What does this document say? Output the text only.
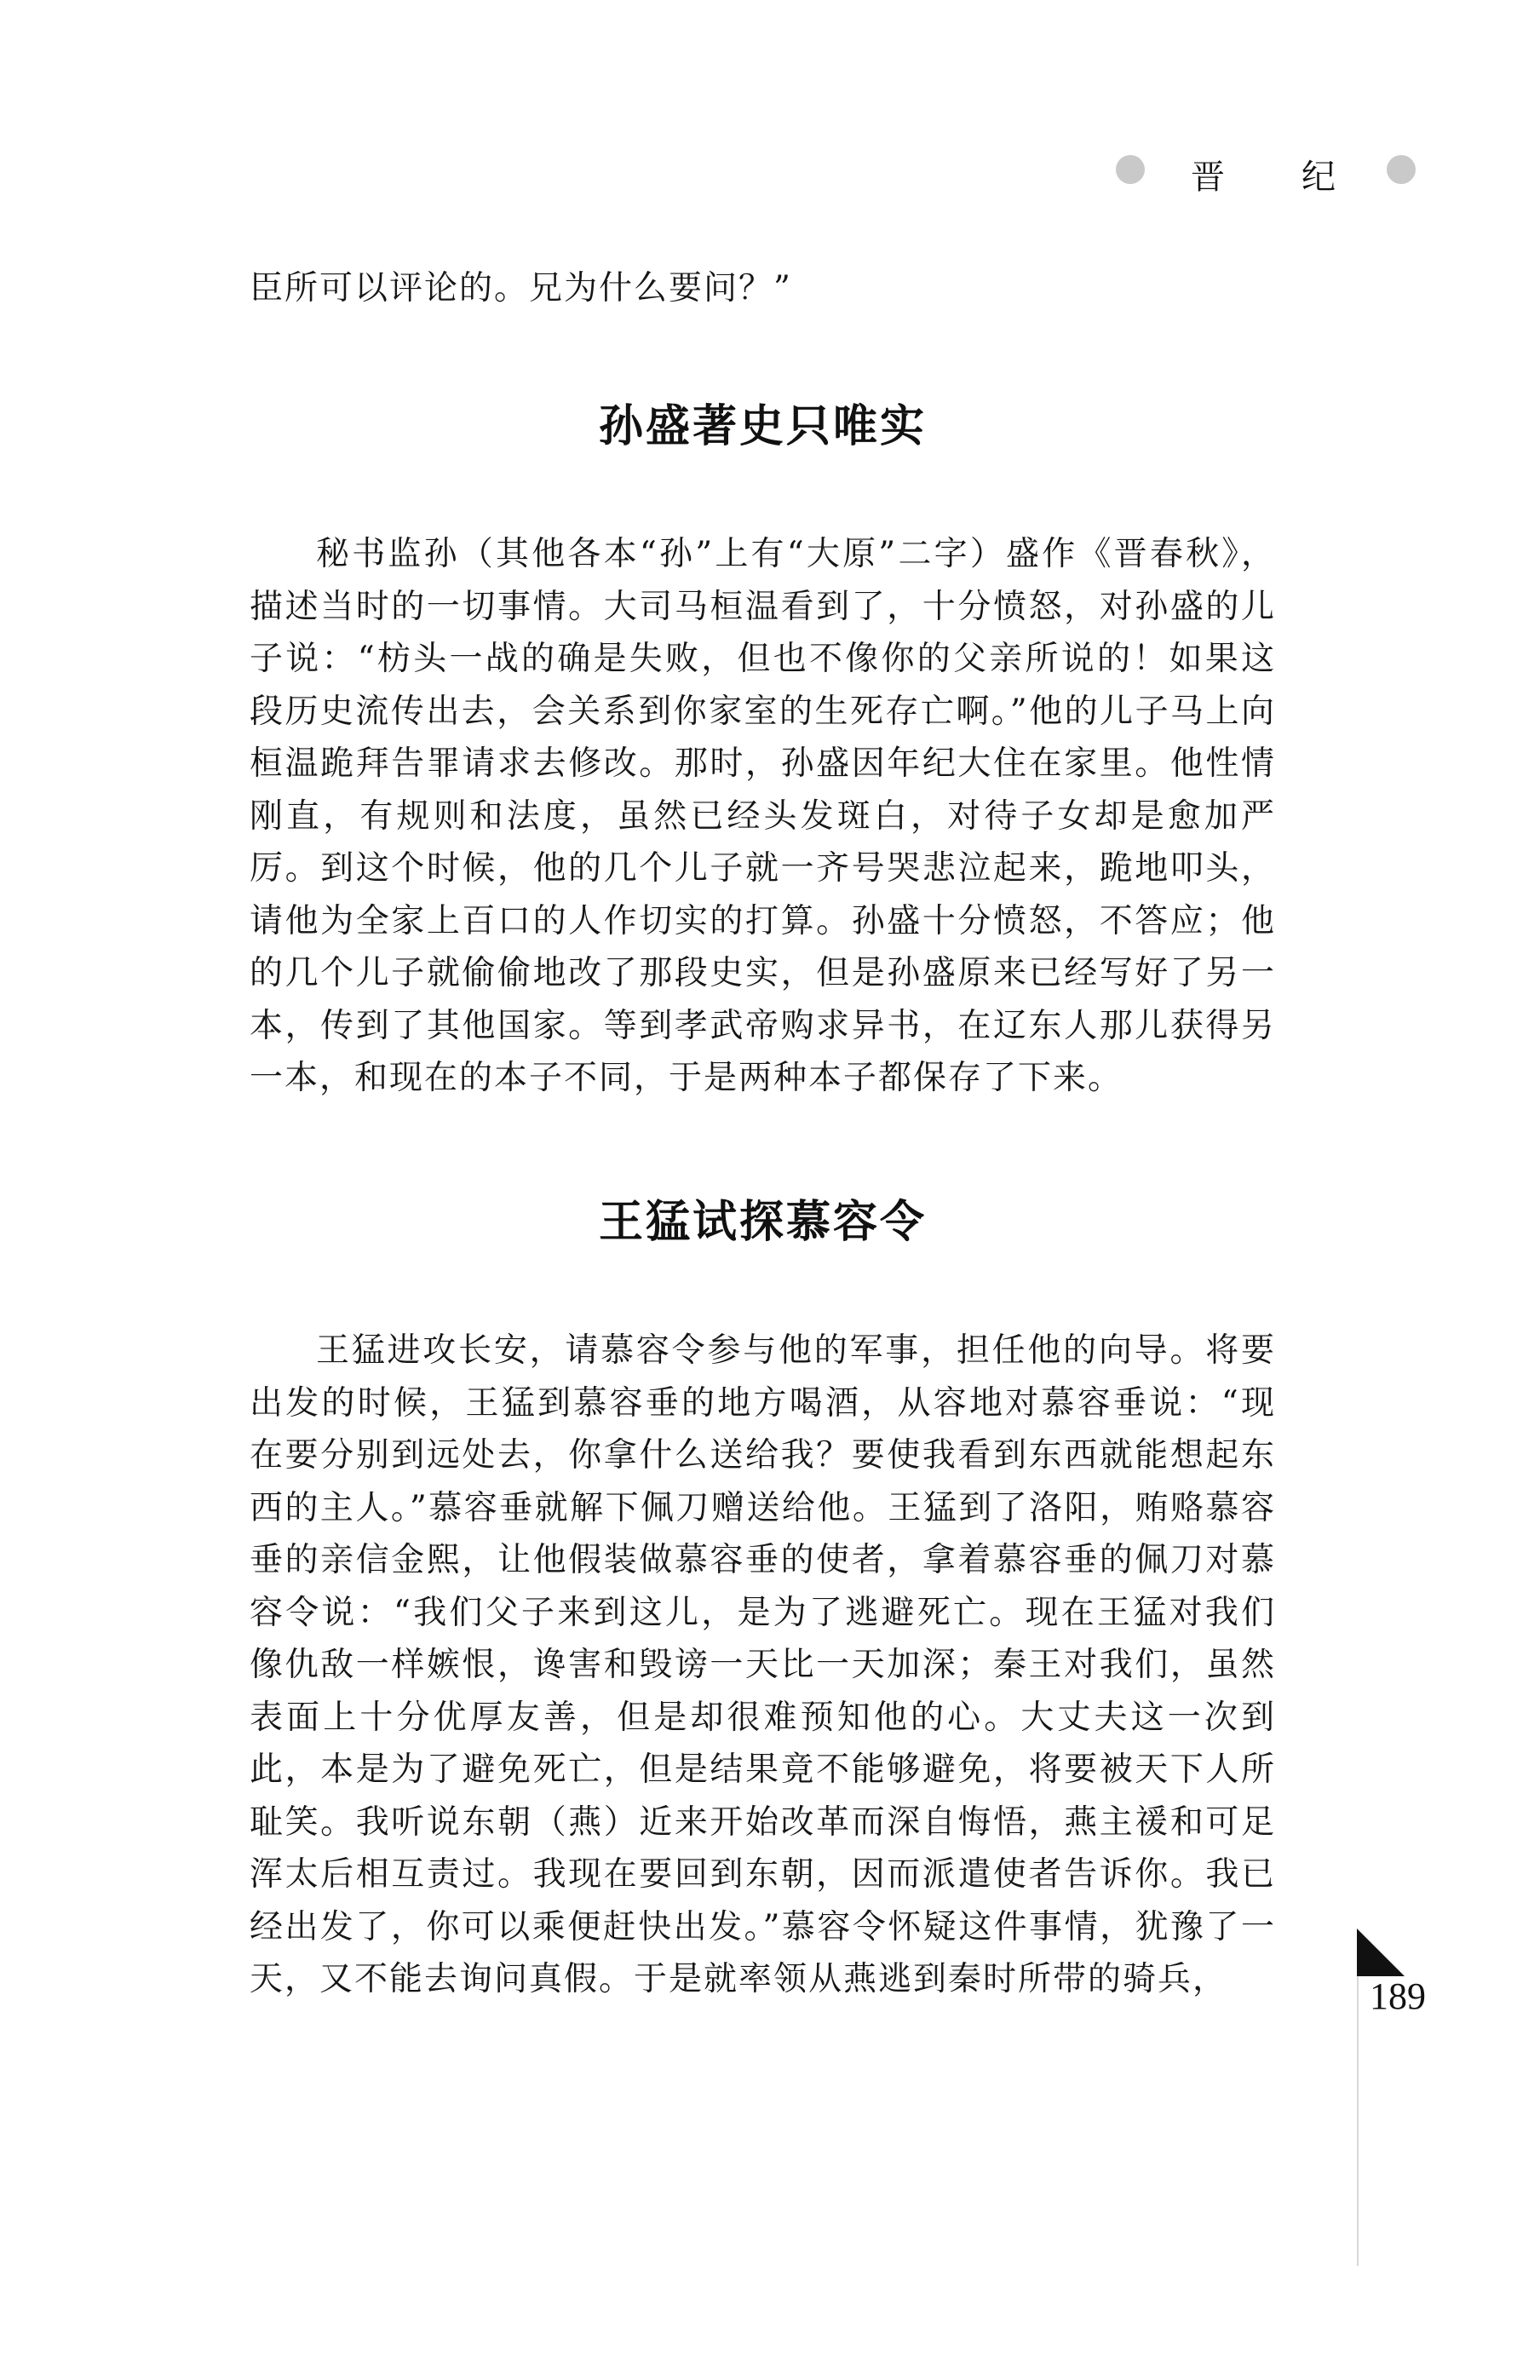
晋 纪
臣所可以评论的。兄为什么要问？”
孙盛著史只唯实
秘书监孙（其他各本“孙”上有“大原”二字）盛作《晋春秋》，描述当时的一切事情。大司马桓温看到了，十分愤怒，对孙盛的儿子说：“枋头一战的确是失败，但也不像你的父亲所说的！如果这段历史流传出去，会关系到你家室的生死存亡啊。”他的儿子马上向桓温跪拜告罪请求去修改。那时，孙盛因年纪大住在家里。他性情刚直，有规则和法度，虽然已经头发斑白，对待子女却是愈加严厉。到这个时候，他的几个儿子就一齐号哭悲泣起来，跪地叩头，请他为全家上百口的人作切实的打算。孙盛十分愤怒，不答应；他的几个儿子就偷偷地改了那段史实，但是孙盛原来已经写好了另一本，传到了其他国家。等到孝武帝购求异书，在辽东人那儿获得另一本，和现在的本子不同，于是两种本子都保存了下来。
王猛试探慕容令
王猛进攻长安，请慕容令参与他的军事，担任他的向导。将要出发的时候，王猛到慕容垂的地方喝酒，从容地对慕容垂说：“现在要分别到远处去，你拿什么送给我？要使我看到东西就能想起东西的主人。”慕容垂就解下佩刀赠送给他。王猛到了洛阳，贿赂慕容垂的亲信金熙，让他假装做慕容垂的使者，拿着慕容垂的佩刀对慕容令说：“我们父子来到这儿，是为了逃避死亡。现在王猛对我们像仇敌一样嫉恨，谗害和毁谤一天比一天加深；秦王对我们，虽然表面上十分优厚友善，但是却很难预知他的心。大丈夫这一次到此，本是为了避免死亡，但是结果竟不能够避免，将要被天下人所耻笑。我听说东朝（燕）近来开始改革而深自悔悟，燕主禐和可足浑太后相互责过。我现在要回到东朝，因而派遣使者告诉你。我已经出发了，你可以乘便赶快出发。”慕容令怀疑这件事情，犹豫了一天，又不能去询问真假。于是就率领从燕逃到秦时所带的骑兵，	189
